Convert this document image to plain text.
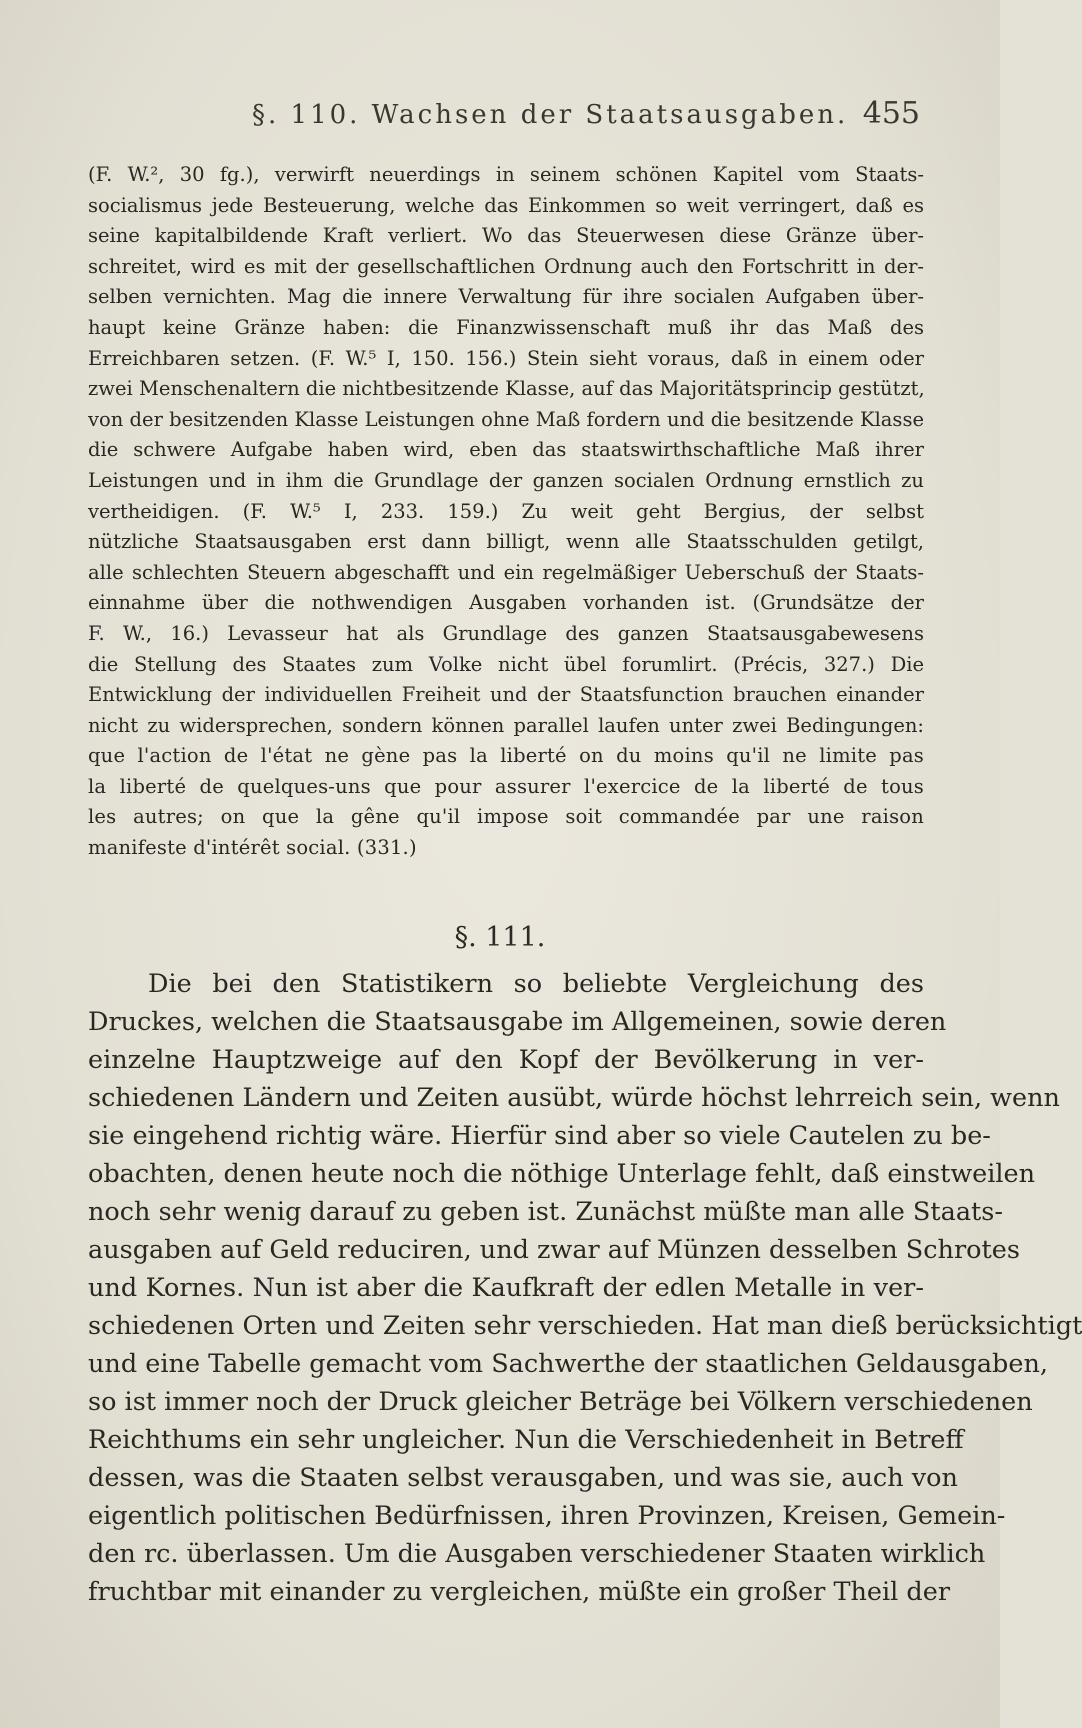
§. 110. Wachsen der Staatsausgaben. 455
(F. W.², 30 fg.), verwirft neuerdings in seinem schönen Kapitel vom Staats-
socialismus jede Besteuerung, welche das Einkommen so weit verringert, daß es
seine kapitalbildende Kraft verliert. Wo das Steuerwesen diese Gränze über-
schreitet, wird es mit der gesellschaftlichen Ordnung auch den Fortschritt in der-
selben vernichten. Mag die innere Verwaltung für ihre socialen Aufgaben über-
haupt keine Gränze haben: die Finanzwissenschaft muß ihr das Maß des
Erreichbaren setzen. (F. W.⁵ I, 150. 156.) Stein sieht voraus, daß in einem oder
zwei Menschenaltern die nichtbesitzende Klasse, auf das Majoritätsprincip gestützt,
von der besitzenden Klasse Leistungen ohne Maß fordern und die besitzende Klasse
die schwere Aufgabe haben wird, eben das staatswirthschaftliche Maß ihrer
Leistungen und in ihm die Grundlage der ganzen socialen Ordnung ernstlich zu
vertheidigen. (F. W.⁵ I, 233. 159.) Zu weit geht Bergius, der selbst
nützliche Staatsausgaben erst dann billigt, wenn alle Staatsschulden getilgt,
alle schlechten Steuern abgeschafft und ein regelmäßiger Ueberschuß der Staats-
einnahme über die nothwendigen Ausgaben vorhanden ist. (Grundsätze der
F. W., 16.) Levasseur hat als Grundlage des ganzen Staatsausgabewesens
die Stellung des Staates zum Volke nicht übel forumlirt. (Précis, 327.) Die
Entwicklung der individuellen Freiheit und der Staatsfunction brauchen einander
nicht zu widersprechen, sondern können parallel laufen unter zwei Bedingungen:
que l'action de l'état ne gène pas la liberté on du moins qu'il ne limite pas
la liberté de quelques-uns que pour assurer l'exercice de la liberté de tous
les autres; on que la gêne qu'il impose soit commandée par une raison
manifeste d'intérêt social. (331.)
§. 111.
Die bei den Statistikern so beliebte Vergleichung des
Druckes, welchen die Staatsausgabe im Allgemeinen, sowie deren
einzelne Hauptzweige auf den Kopf der Bevölkerung in ver-
schiedenen Ländern und Zeiten ausübt, würde höchst lehrreich sein, wenn
sie eingehend richtig wäre. Hierfür sind aber so viele Cautelen zu be-
obachten, denen heute noch die nöthige Unterlage fehlt, daß einstweilen
noch sehr wenig darauf zu geben ist. Zunächst müßte man alle Staats-
ausgaben auf Geld reduciren, und zwar auf Münzen desselben Schrotes
und Kornes. Nun ist aber die Kaufkraft der edlen Metalle in ver-
schiedenen Orten und Zeiten sehr verschieden. Hat man dieß berücksichtigt
und eine Tabelle gemacht vom Sachwerthe der staatlichen Geldausgaben,
so ist immer noch der Druck gleicher Beträge bei Völkern verschiedenen
Reichthums ein sehr ungleicher. Nun die Verschiedenheit in Betreff
dessen, was die Staaten selbst verausgaben, und was sie, auch von
eigentlich politischen Bedürfnissen, ihren Provinzen, Kreisen, Gemein-
den rc. überlassen. Um die Ausgaben verschiedener Staaten wirklich
fruchtbar mit einander zu vergleichen, müßte ein großer Theil der
